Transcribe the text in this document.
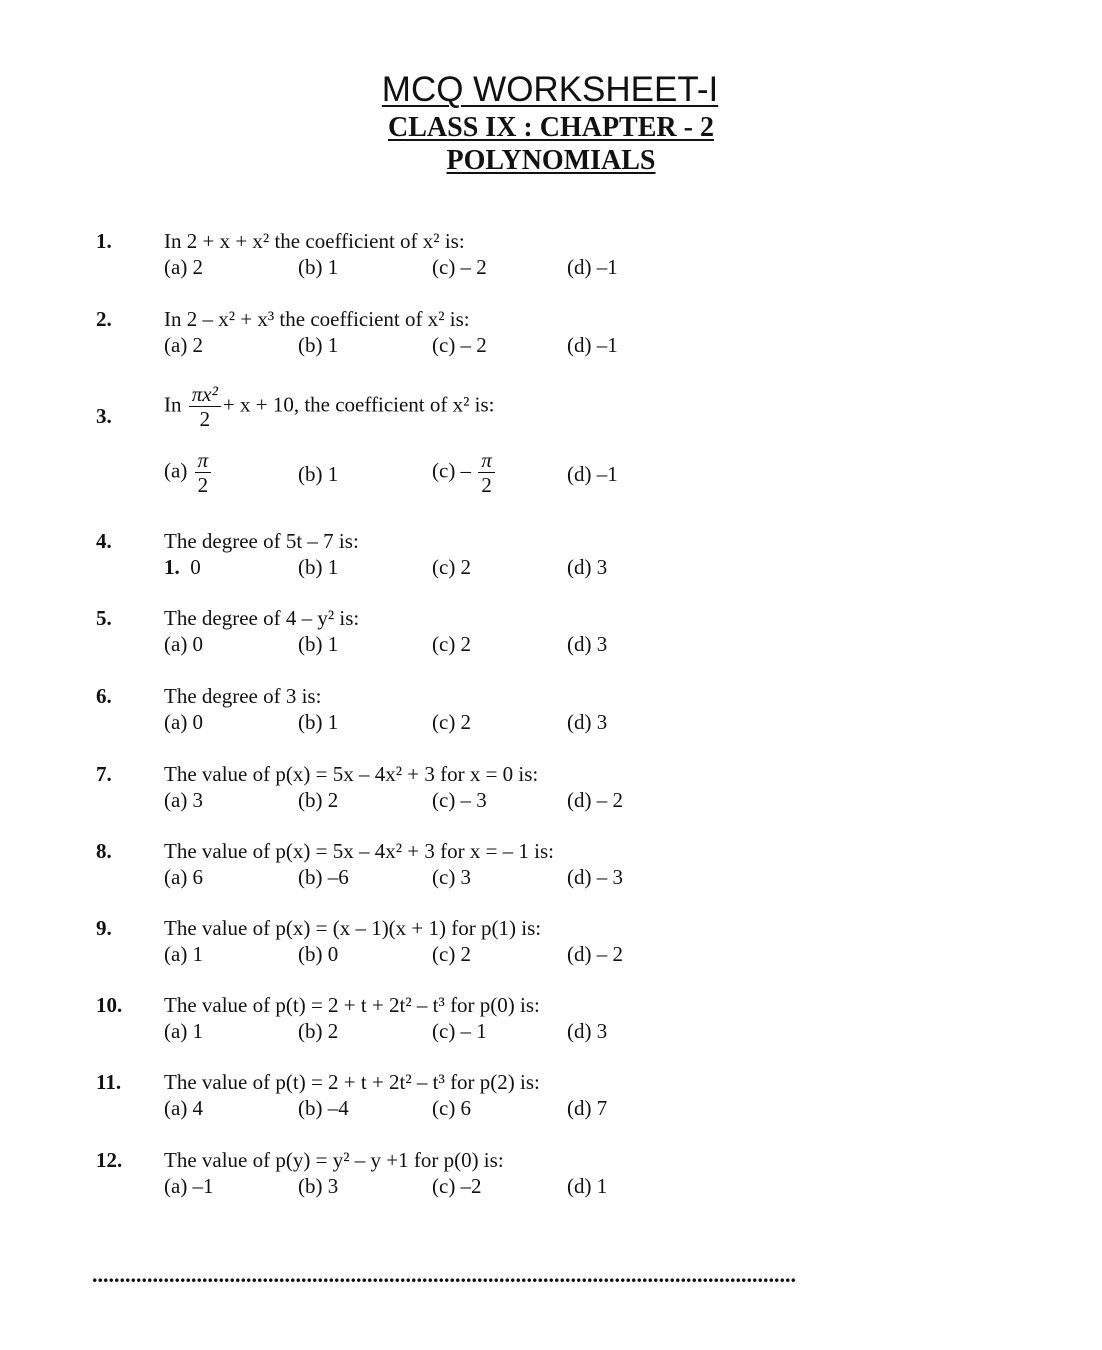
MCQ WORKSHEET-I
CLASS IX : CHAPTER - 2
POLYNOMIALS
1. In 2 + x + x² the coefficient of x² is:
(a) 2	(b) 1	(c) – 2	(d) –1
2. In 2 – x² + x³ the coefficient of x² is:
(a) 2	(b) 1	(c) – 2	(d) –1
3. In $\frac{\text{πx²}}{2} + x + 10$, the coefficient of x² is:
$(a) \frac{\pi}{2}$	(b) 1	$(c) - \frac{\pi}{2}$	(d) –1
4. The degree of 5t – 7 is:
1. 0	(b) 1	(c) 2	(d) 3
5. The degree of 4 – y² is:
(a) 0	(b) 1	(c) 2	(d) 3
6. The degree of 3 is:
(a) 0	(b) 1	(c) 2	(d) 3
7. The value of p(x) = 5x – 4x² + 3 for x = 0 is:
(a) 3	(b) 2	(c) – 3	(d) – 2
8. The value of p(x) = 5x – 4x² + 3 for x = – 1 is:
(a) 6	(b) –6	(c) 3	(d) – 3
9. The value of p(x) = (x – 1)(x + 1) for p(1) is:
(a) 1	(b) 0	(c) 2	(d) – 2
10. The value of p(t) = 2 + t + 2t² – t³ for p(0) is:
(a) 1	(b) 2	(c) – 1	(d) 3
11. The value of p(t) = 2 + t + 2t² – t³ for p(2) is:
(a) 4	(b) –4	(c) 6	(d) 7
12. The value of p(y) = y² – y +1 for p(0) is:
(a) –1	(b) 3	(c) –2	(d) 1
................................................................................................................................
